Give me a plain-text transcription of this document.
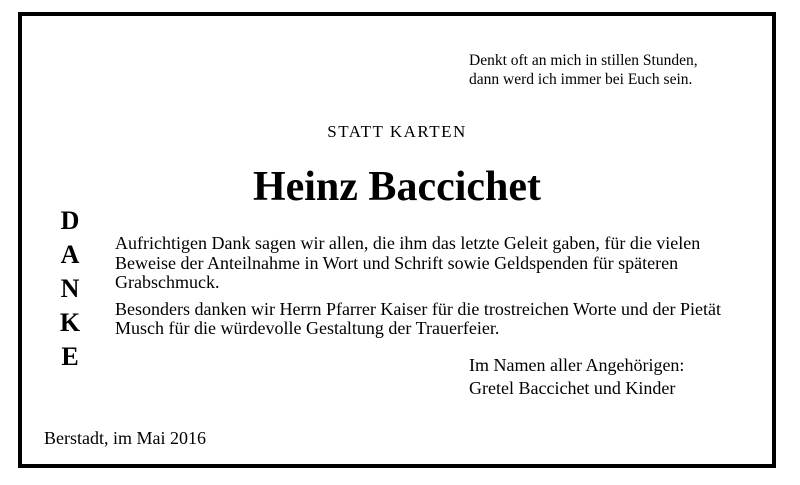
Denkt oft an mich in stillen Stunden,
dann werd ich immer bei Euch sein.
STATT KARTEN
Heinz Baccichet
D
A
N
K
E

Aufrichtigen Dank sagen wir allen, die ihm das letzte Geleit gaben, für die vielen Beweise der Anteilnahme in Wort und Schrift sowie Geldspenden für späteren Grabschmuck.

Besonders danken wir Herrn Pfarrer Kaiser für die trostreichen Worte und der Pietät Musch für die würdevolle Gestaltung der Trauerfeier.

Im Namen aller Angehörigen:
Gretel Baccichet und Kinder
Berstadt, im Mai 2016
